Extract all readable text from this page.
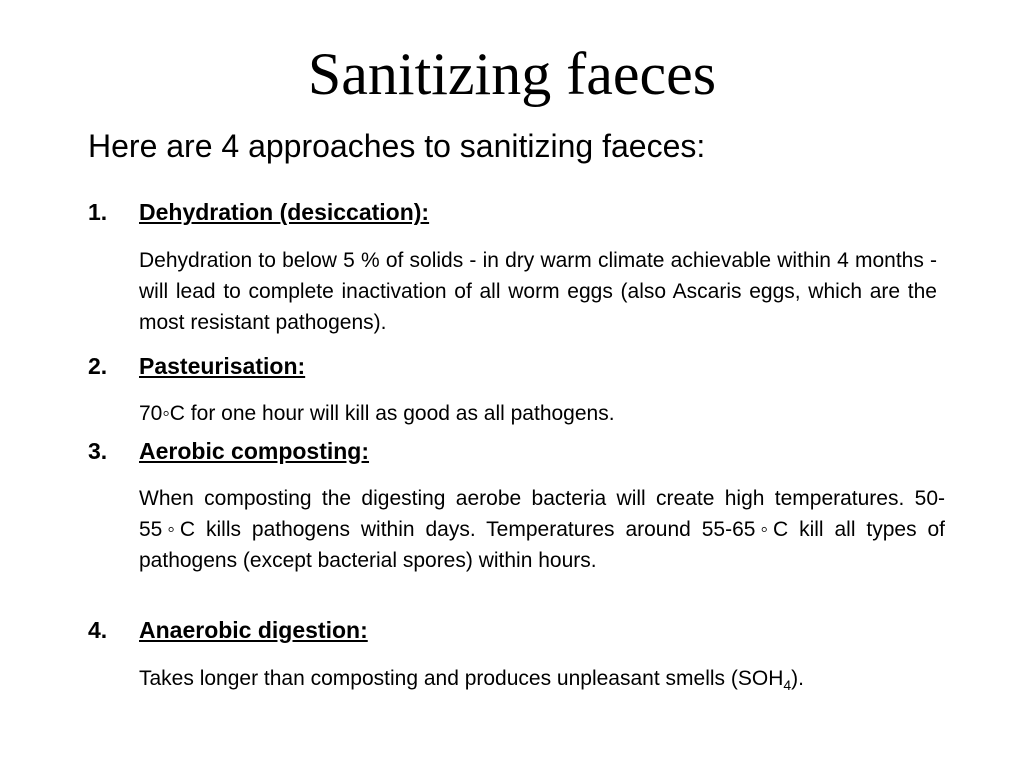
Sanitizing faeces

Here are 4 approaches to sanitizing faeces:

1. Dehydration (desiccation):

Dehydration to below 5 % of solids - in dry warm climate achievable within 4 months - will lead to complete inactivation of all worm eggs (also Ascaris eggs, which are the most resistant pathogens).

2. Pasteurisation:

70◦C for one hour will kill as good as all pathogens.

3. Aerobic composting:

When composting the digesting aerobe bacteria will create high temperatures. 50-55◦C kills pathogens within days. Temperatures around 55-65◦C kill all types of pathogens (except bacterial spores) within hours.

4. Anaerobic digestion:

Takes longer than composting and produces unpleasant smells $(SOH_4)$.
